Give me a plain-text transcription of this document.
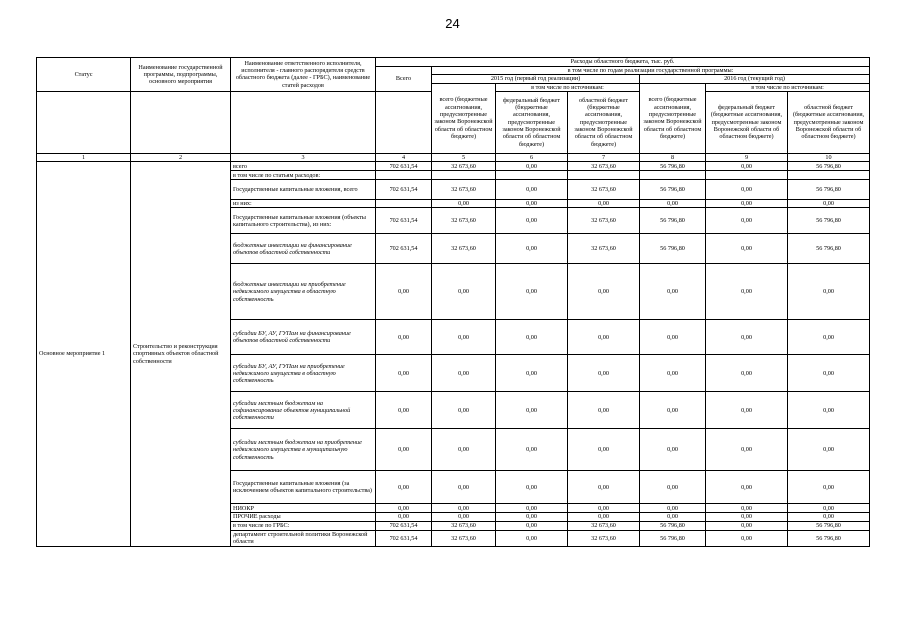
24
Статус	Наименование государственной программы, подпрограммы, основного мероприятия	Наименование ответственного исполнителя, исполнителя - главного распорядителя средств областного бюджета (далее - ГРБС), наименование статей расходов	Расходы областного бюджета, тыс. руб.						
			Всего	в том числе по годам реализации государственной программы:					
				2015 год (первый год реализации)			2016 год (текущий год)		
				всего (бюджетные ассигнования, предусмотренные законом Воронежской области об областном бюджете)	в том числе по источникам:		всего (бюджетные ассигнования, предусмотренные законом Воронежской области об областном бюджете)	в том числе по источникам:	
					федеральный бюджет (бюджетные ассигнования, предусмотренные законом Воронежской области об областном бюджете)	областной бюджет (бюджетные ассигнования, предусмотренные законом Воронежской области об областном бюджете)		федеральный бюджет (бюджетные ассигнования, предусмотренные законом Воронежской области об областном бюджете)	областной бюджет (бюджетные ассигнования, предусмотренные законом Воронежской области об областном бюджете)
1	2	3	4	5	6	7	8	9	10
Основное мероприятие 1	Строительство и реконструкция спортивных объектов областной собственности	всего	702 631,54	32 673,60	0,00	32 673,60	56 796,80	0,00	56 796,80
		в том числе по статьям расходов:							
		Государственные капитальные вложения, всего	702 631,54	32 673,60	0,00	32 673,60	56 796,80	0,00	56 796,80
		из них:		0,00	0,00	0,00	0,00	0,00	0,00
		Государственные капитальные вложения (объекты капитального строительства), из них:	702 631,54	32 673,60	0,00	32 673,60	56 796,80	0,00	56 796,80
		бюджетные инвестиции на финансирование объектов областной собственности	702 631,54	32 673,60	0,00	32 673,60	56 796,80	0,00	56 796,80
		бюджетные инвестиции на приобретение недвижимого имущества в областную собственность	0,00	0,00	0,00	0,00	0,00	0,00	0,00
		субсидии БУ, АУ, ГУПам на финансирование объектов областной собственности	0,00	0,00	0,00	0,00	0,00	0,00	0,00
		субсидии БУ, АУ, ГУПам на приобретение недвижимого имущества в областную собственность	0,00	0,00	0,00	0,00	0,00	0,00	0,00
		субсидии местным бюджетам на софинансирование объектов муниципальной собственности	0,00	0,00	0,00	0,00	0,00	0,00	0,00
		субсидии местным бюджетам на приобретение недвижимого имущества в муниципальную собственность	0,00	0,00	0,00	0,00	0,00	0,00	0,00
		Государственные капитальные вложения (за исключением объектов капитального строительства)	0,00	0,00	0,00	0,00	0,00	0,00	0,00
		НИОКР	0,00	0,00	0,00	0,00	0,00	0,00	0,00
		ПРОЧИЕ расходы	0,00	0,00	0,00	0,00	0,00	0,00	0,00
		в том числе по ГРБС:	702 631,54	32 673,60	0,00	32 673,60	56 796,80	0,00	56 796,80
		департамент строительной политики Воронежской области	702 631,54	32 673,60	0,00	32 673,60	56 796,80	0,00	56 796,80
